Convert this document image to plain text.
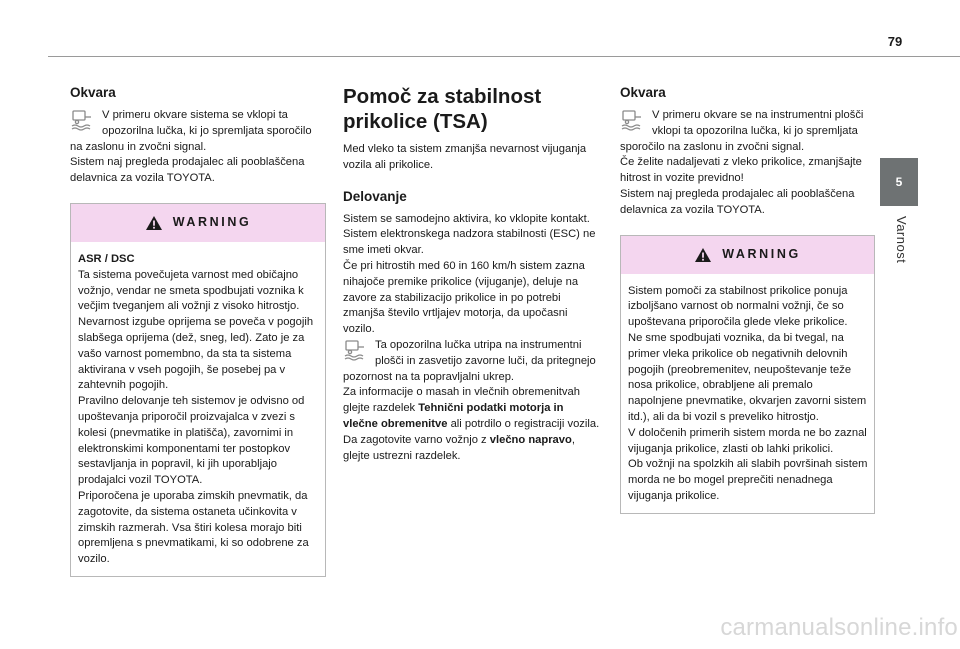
79
5
Varnost
Okvara

V primeru okvare sistema se vklopi ta opozorilna lučka, ki jo spremljata sporočilo na zaslonu in zvočni signal.

Sistem naj pregleda prodajalec ali pooblaščena delavnica za vozila TOYOTA.

WARNING

ASR / DSC

Ta sistema povečujeta varnost med običajno vožnjo, vendar ne smeta spodbujati voznika k večjim tveganjem ali vožnji z visoko hitrostjo.

Nevarnost izgube oprijema se poveča v pogojih slabšega oprijema (dež, sneg, led). Zato je za vašo varnost pomembno, da sta ta sistema aktivirana v vseh pogojih, še posebej pa v zahtevnih pogojih.

Pravilno delovanje teh sistemov je odvisno od upoštevanja priporočil proizvajalca v zvezi s kolesi (pnevmatike in platišča), zavornimi in elektronskimi komponentami ter postopkov sestavljanja in popravil, ki jih uporabljajo prodajalci vozil TOYOTA.

Priporočena je uporaba zimskih pnevmatik, da zagotovite, da sistema ostaneta učinkovita v zimskih razmerah. Vsa štiri kolesa morajo biti opremljena s pnevmatikami, ki so odobrene za vozilo.

Pomoč za stabilnost prikolice (TSA)

Med vleko ta sistem zmanjša nevarnost vijuganja vozila ali prikolice.

Delovanje

Sistem se samodejno aktivira, ko vklopite kontakt.

Sistem elektronskega nadzora stabilnosti (ESC) ne sme imeti okvar.

Če pri hitrostih med 60 in 160 km/h sistem zazna nihajoče premike prikolice (vijuganje), deluje na zavore za stabilizacijo prikolice in po potrebi zmanjša število vrtljajev motorja, da upočasni vozilo.

Ta opozorilna lučka utripa na instrumentni plošči in zasvetijo zavorne luči, da pritegnejo pozornost na ta popravljalni ukrep.

Za informacije o masah in vlečnih obremenitvah glejte razdelek Tehnični podatki motorja in vlečne obremenitve ali potrdilo o registraciji vozila.

Da zagotovite varno vožnjo z vlečno napravo, glejte ustrezni razdelek.

Okvara

V primeru okvare se na instrumentni plošči vklopi ta opozorilna lučka, ki jo spremljata sporočilo na zaslonu in zvočni signal.

Če želite nadaljevati z vleko prikolice, zmanjšajte hitrost in vozite previdno!

Sistem naj pregleda prodajalec ali pooblaščena delavnica za vozila TOYOTA.

WARNING

Sistem pomoči za stabilnost prikolice ponuja izboljšano varnost ob normalni vožnji, če so upoštevana priporočila glede vleke prikolice.

Ne sme spodbujati voznika, da bi tvegal, na primer vleka prikolice ob negativnih delovnih pogojih (preobremenitev, neupoštevanje teže nosa prikolice, obrabljene ali premalo napolnjene pnevmatike, okvarjen zavorni sistem itd.), ali da bi vozil s preveliko hitrostjo.

V določenih primerih sistem morda ne bo zaznal vijuganja prikolice, zlasti ob lahki prikolici.

Ob vožnji na spolzkih ali slabih površinah sistem morda ne bo mogel preprečiti nenadnega vijuganja prikolice.

carmanualsonline.info
